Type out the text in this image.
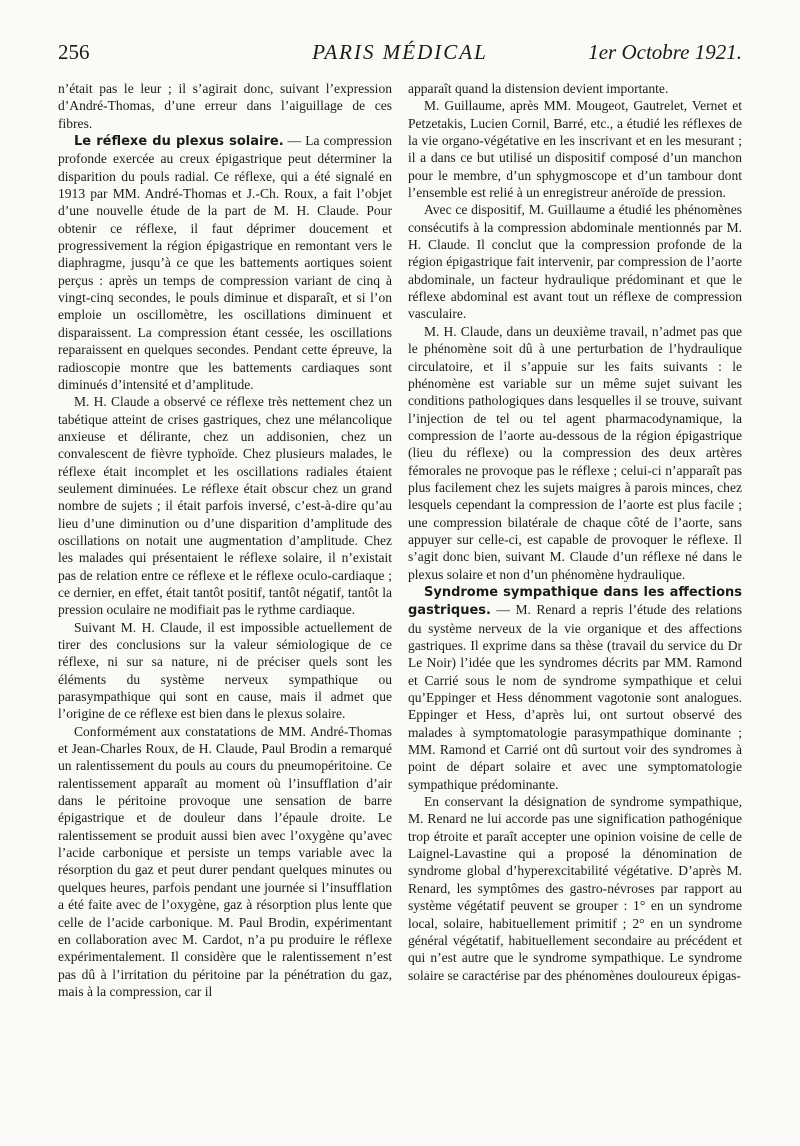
256	PARIS MÉDICAL	1er Octobre 1921.

n’était pas le leur ; il s’agirait donc, suivant l’expression d’André-Thomas, d’une erreur dans l’aiguillage de ces fibres.

Le réflexe du plexus solaire. — La compression profonde exercée au creux épigastrique peut déterminer la disparition du pouls radial. Ce réflexe, qui a été signalé en 1913 par MM. André-Thomas et J.-Ch. Roux, a fait l’objet d’une nouvelle étude de la part de M. H. Claude. Pour obtenir ce réflexe, il faut déprimer doucement et progressivement la région épigastrique en remontant vers le diaphragme, jusqu’à ce que les battements aortiques soient perçus : après un temps de compression variant de cinq à vingt-cinq secondes, le pouls diminue et disparaît, et si l’on emploie un oscillomètre, les oscillations diminuent et disparaissent. La compression étant cessée, les oscillations reparaissent en quelques secondes. Pendant cette épreuve, la radioscopie montre que les battements cardiaques sont diminués d’intensité et d’amplitude.

M. H. Claude a observé ce réflexe très nettement chez un tabétique atteint de crises gastriques, chez une mélancolique anxieuse et délirante, chez un addisonien, chez un convalescent de fièvre typhoïde. Chez plusieurs malades, le réflexe était incomplet et les oscillations radiales étaient seulement diminuées. Le réflexe était obscur chez un grand nombre de sujets ; il était parfois inversé, c’est-à-dire qu’au lieu d’une diminution ou d’une disparition d’amplitude des oscillations on notait une augmentation d’amplitude. Chez les malades qui présentaient le réflexe solaire, il n’existait pas de relation entre ce réflexe et le réflexe oculo-cardiaque ; ce dernier, en effet, était tantôt positif, tantôt négatif, tantôt la pression oculaire ne modifiait pas le rythme cardiaque.

Suivant M. H. Claude, il est impossible actuellement de tirer des conclusions sur la valeur sémiologique de ce réflexe, ni sur sa nature, ni de préciser quels sont les éléments du système nerveux sympathique ou parasympathique qui sont en cause, mais il admet que l’origine de ce réflexe est bien dans le plexus solaire.

Conformément aux constatations de MM. André-Thomas et Jean-Charles Roux, de H. Claude, Paul Brodin a remarqué un ralentissement du pouls au cours du pneumopéritoine. Ce ralentissement apparaît au moment où l’insufflation d’air dans le péritoine provoque une sensation de barre épigastrique et de douleur dans l’épaule droite. Le ralentissement se produit aussi bien avec l’oxygène qu’avec l’acide carbonique et persiste un temps variable avec la résorption du gaz et peut durer pendant quelques minutes ou quelques heures, parfois pendant une journée si l’insufflation a été faite avec de l’oxygène, gaz à résorption plus lente que celle de l’acide carbonique. M. Paul Brodin, expérimentant en collaboration avec M. Cardot, n’a pu produire le réflexe expérimentalement. Il considère que le ralentissement n’est pas dû à l’irritation du péritoine par la pénétration du gaz, mais à la compression, car il

apparaît quand la distension devient importante.

M. Guillaume, après MM. Mougeot, Gautrelet, Vernet et Petzetakis, Lucien Cornil, Barré, etc., a étudié les réflexes de la vie organo-végétative en les inscrivant et en les mesurant ; il a dans ce but utilisé un dispositif composé d’un manchon pour le membre, d’un sphygmoscope et d’un tambour dont l’ensemble est relié à un enregistreur anéroïde de pression.

Avec ce dispositif, M. Guillaume a étudié les phénomènes consécutifs à la compression abdominale mentionnés par M. H. Claude. Il conclut que la compression profonde de la région épigastrique fait intervenir, par compression de l’aorte abdominale, un facteur hydraulique prédominant et que le réflexe abdominal est avant tout un réflexe de compression vasculaire.

M. H. Claude, dans un deuxième travail, n’admet pas que le phénomène soit dû à une perturbation de l’hydraulique circulatoire, et il s’appuie sur les faits suivants : le phénomène est variable sur un même sujet suivant les conditions pathologiques dans lesquelles il se trouve, suivant l’injection de tel ou tel agent pharmacodynamique, la compression de l’aorte au-dessous de la région épigastrique (lieu du réflexe) ou la compression des deux artères fémorales ne provoque pas le réflexe ; celui-ci n’apparaît pas plus facilement chez les sujets maigres à parois minces, chez lesquels cependant la compression de l’aorte est plus facile ; une compression bilatérale de chaque côté de l’aorte, sans appuyer sur celle-ci, est capable de provoquer le réflexe. Il s’agit donc bien, suivant M. Claude d’un réflexe né dans le plexus solaire et non d’un phénomène hydraulique.

Syndrome sympathique dans les affections gastriques. — M. Renard a repris l’étude des relations du système nerveux de la vie organique et des affections gastriques. Il exprime dans sa thèse (travail du service du Dr Le Noir) l’idée que les syndromes décrits par MM. Ramond et Carrié sous le nom de syndrome sympathique et celui qu’Eppinger et Hess dénomment vagotonie sont analogues. Eppinger et Hess, d’après lui, ont surtout observé des malades à symptomatologie parasympathique dominante ; MM. Ramond et Carrié ont dû surtout voir des syndromes à point de départ solaire et avec une symptomatologie sympathique prédominante.

En conservant la désignation de syndrome sympathique, M. Renard ne lui accorde pas une signification pathogénique trop étroite et paraît accepter une opinion voisine de celle de Laignel-Lavastine qui a proposé la dénomination de syndrome global d’hyperexcitabilité végétative. D’après M. Renard, les symptômes des gastro-névroses par rapport au système végétatif peuvent se grouper : 1° en un syndrome local, solaire, habituellement primitif ; 2° en un syndrome général végétatif, habituellement secondaire au précédent et qui n’est autre que le syndrome sympathique. Le syndrome solaire se caractérise par des phénomènes douloureux épigas-
